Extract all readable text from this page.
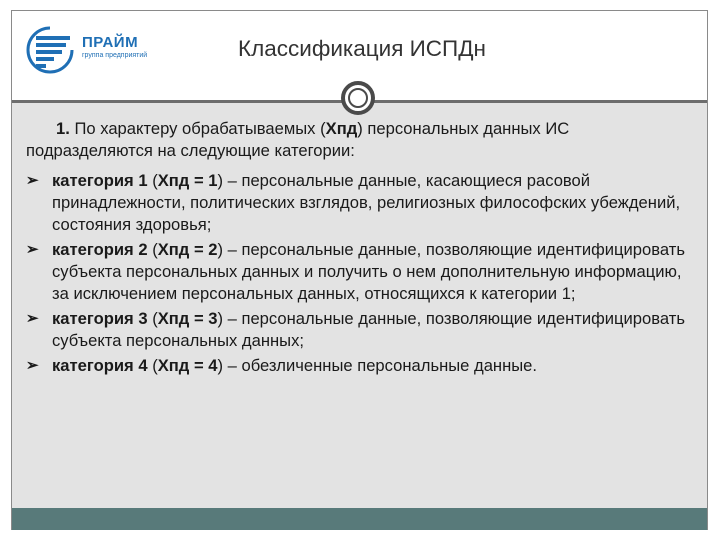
ПРАЙМ
группа предприятий	Классификация ИСПДн

1. По характеру обрабатываемых (Хпд) персональных данных ИС подразделяются на следующие категории:

➢ категория 1 (Хпд = 1) – персональные данные, касающиеся расовой принадлежности, политических взглядов, религиозных философских убеждений, состояния здоровья;
➢ категория 2 (Хпд = 2) – персональные данные, позволяющие идентифицировать субъекта персональных данных и получить о нем дополнительную информацию, за исключением персональных данных, относящихся к категории 1;
➢ категория 3 (Хпд = 3) – персональные данные, позволяющие идентифицировать субъекта персональных данных;
➢ категория 4 (Хпд = 4) – обезличенные персональные данные.
